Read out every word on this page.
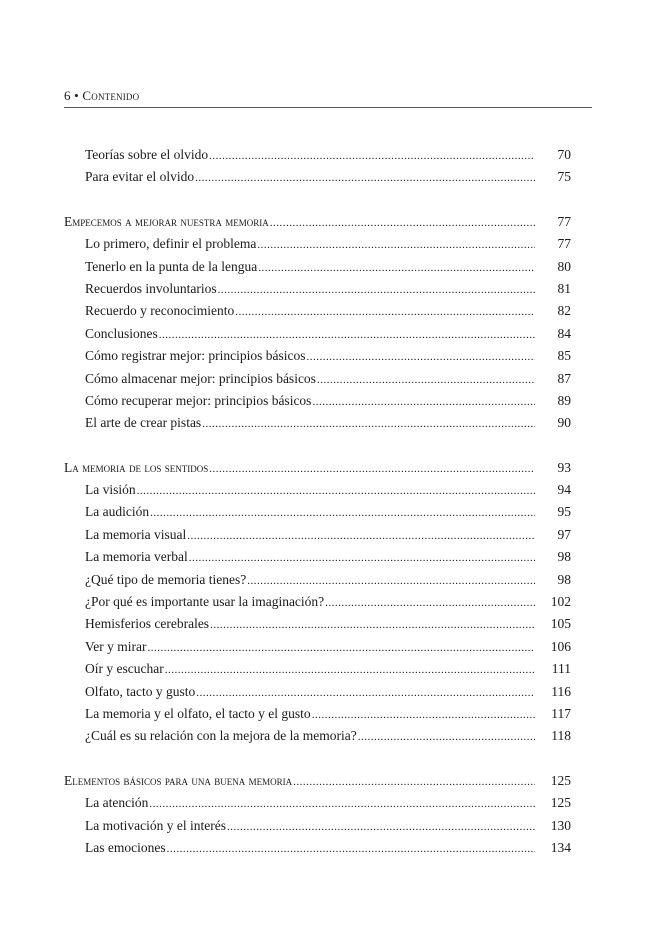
6 • Contenido
Teorías sobre el olvido .....	70
Para evitar el olvido .....	75
Empecemos a mejorar nuestra memoria .....	77
Lo primero, definir el problema .....	77
Tenerlo en la punta de la lengua .....	80
Recuerdos involuntarios .....	81
Recuerdo y reconocimiento .....	82
Conclusiones .....	84
Cómo registrar mejor: principios básicos .....	85
Cómo almacenar mejor: principios básicos .....	87
Cómo recuperar mejor: principios básicos .....	89
El arte de crear pistas .....	90
La memoria de los sentidos .....	93
La visión .....	94
La audición .....	95
La memoria visual .....	97
La memoria verbal .....	98
¿Qué tipo de memoria tienes? .....	98
¿Por qué es importante usar la imaginación? .....	102
Hemisferios cerebrales .....	105
Ver y mirar .....	106
Oír y escuchar .....	111
Olfato, tacto y gusto .....	116
La memoria y el olfato, el tacto y el gusto .....	117
¿Cuál es su relación con la mejora de la memoria? .....	118
Elementos básicos para una buena memoria .....	125
La atención .....	125
La motivación y el interés .....	130
Las emociones .....	134
